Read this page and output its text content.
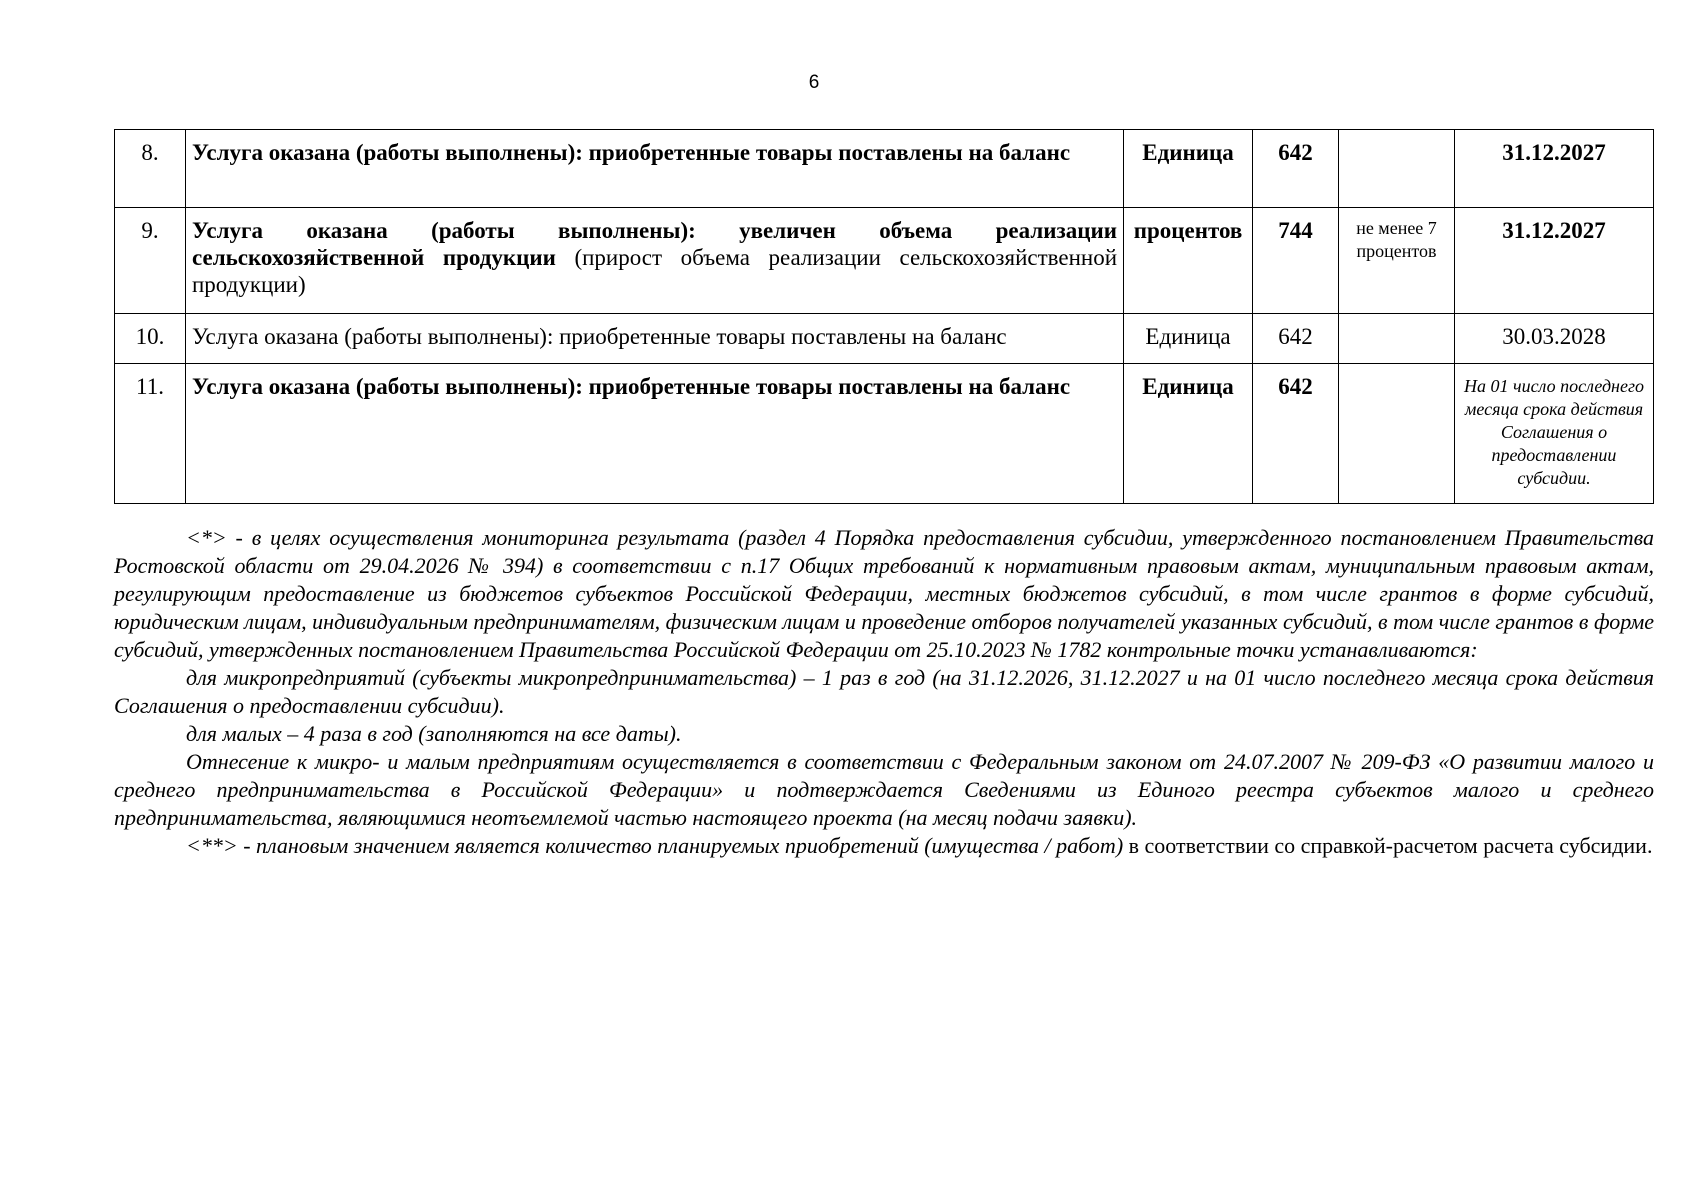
6
8.	Услуга оказана (работы выполнены): приобретенные товары поставлены на баланс	Единица	642		31.12.2027
9.	Услуга оказана (работы выполнены): увеличен объема реализации сельскохозяйственной продукции (прирост объема реализации сельскохозяйственной продукции)	процентов	744	не менее 7 процентов	31.12.2027
10.	Услуга оказана (работы выполнены): приобретенные товары поставлены на баланс	Единица	642		30.03.2028
11.	Услуга оказана (работы выполнены): приобретенные товары поставлены на баланс	Единица	642		На 01 число последнего месяца срока действия Соглашения о предоставлении субсидии.

<*> - в целях осуществления мониторинга результата (раздел 4 Порядка предоставления субсидии, утвержденного постановлением Правительства Ростовской области от 29.04.2026 № 394) в соответствии с п.17 Общих требований к нормативным правовым актам, муниципальным правовым актам, регулирующим предоставление из бюджетов субъектов Российской Федерации, местных бюджетов субсидий, в том числе грантов в форме субсидий, юридическим лицам, индивидуальным предпринимателям, физическим лицам и проведение отборов получателей указанных субсидий, в том числе грантов в форме субсидий, утвержденных постановлением Правительства Российской Федерации от 25.10.2023 № 1782 контрольные точки устанавливаются:

для микропредприятий (субъекты микропредпринимательства) – 1 раз в год (на 31.12.2026, 31.12.2027 и на 01 число последнего месяца срока действия Соглашения о предоставлении субсидии).

для малых – 4 раза в год (заполняются на все даты).

Отнесение к микро- и малым предприятиям осуществляется в соответствии с Федеральным законом от 24.07.2007 № 209-ФЗ «О развитии малого и среднего предпринимательства в Российской Федерации» и подтверждается Сведениями из Единого реестра субъектов малого и среднего предпринимательства, являющимися неотъемлемой частью настоящего проекта (на месяц подачи заявки).

<**> - плановым значением является количество планируемых приобретений (имущества / работ) в соответствии со справкой-расчетом расчета субсидии.
